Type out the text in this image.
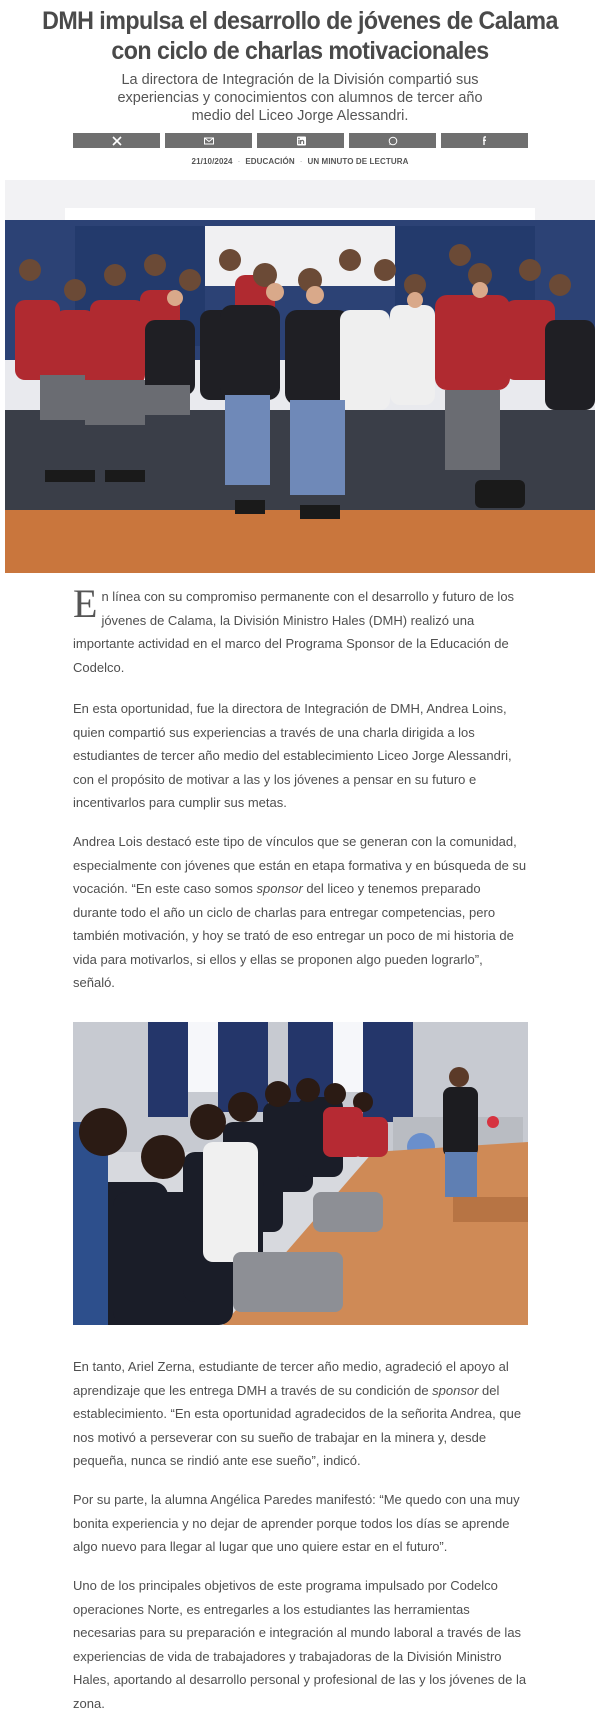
DMH impulsa el desarrollo de jóvenes de Calama con ciclo de charlas motivacionales
La directora de Integración de la División compartió sus experiencias y conocimientos con alumnos de tercer año medio del Liceo Jorge Alessandri.
21/10/2024 · EDUCACIÓN · UN MINUTO DE LECTURA

En línea con su compromiso permanente con el desarrollo y futuro de los jóvenes de Calama, la División Ministro Hales (DMH) realizó una importante actividad en el marco del Programa Sponsor de la Educación de Codelco.

En esta oportunidad, fue la directora de Integración de DMH, Andrea Loins, quien compartió sus experiencias a través de una charla dirigida a los estudiantes de tercer año medio del establecimiento Liceo Jorge Alessandri, con el propósito de motivar a las y los jóvenes a pensar en su futuro e incentivarlos para cumplir sus metas.

Andrea Lois destacó este tipo de vínculos que se generan con la comunidad, especialmente con jóvenes que están en etapa formativa y en búsqueda de su vocación. “En este caso somos sponsor del liceo y tenemos preparado durante todo el año un ciclo de charlas para entregar competencias, pero también motivación, y hoy se trató de eso entregar un poco de mi historia de vida para motivarlos, si ellos y ellas se proponen algo pueden lograrlo”, señaló.

En tanto, Ariel Zerna, estudiante de tercer año medio, agradeció el apoyo al aprendizaje que les entrega DMH a través de su condición de sponsor del establecimiento. “En esta oportunidad agradecidos de la señorita Andrea, que nos motivó a perseverar con su sueño de trabajar en la minera y, desde pequeña, nunca se rindió ante ese sueño”, indicó.

Por su parte, la alumna Angélica Paredes manifestó: “Me quedo con una muy bonita experiencia y no dejar de aprender porque todos los días se aprende algo nuevo para llegar al lugar que uno quiere estar en el futuro”.

Uno de los principales objetivos de este programa impulsado por Codelco operaciones Norte, es entregarles a los estudiantes las herramientas necesarias para su preparación e integración al mundo laboral a través de las experiencias de vida de trabajadores y trabajadoras de la División Ministro Hales, aportando al desarrollo personal y profesional de las y los jóvenes de la zona.
